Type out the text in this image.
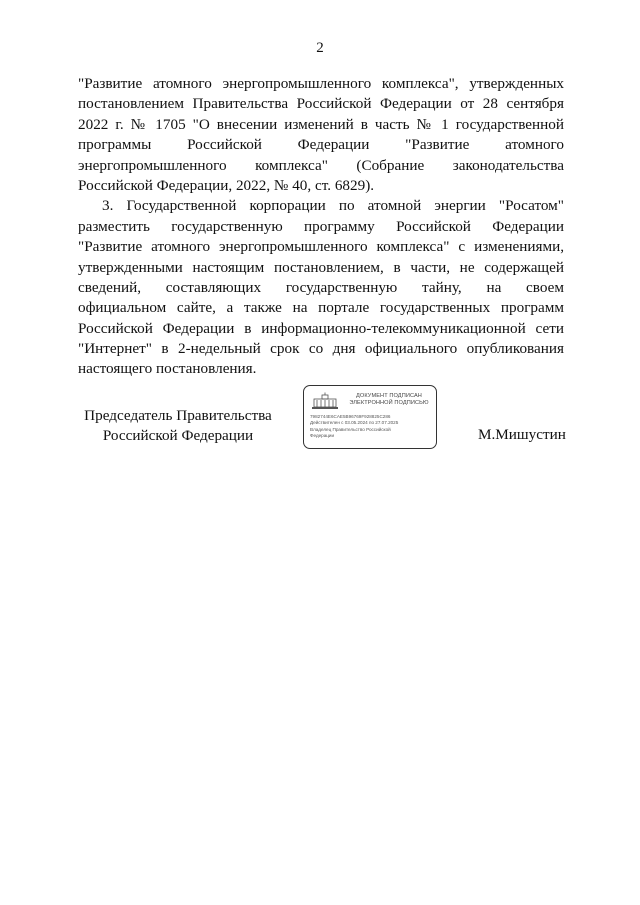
2

"Развитие атомного энергопромышленного комплекса", утвержденных
постановлением Правительства Российской Федерации от 28 сентября
2022 г. № 1705 "О внесении изменений в часть № 1 государственной
программы Российской Федерации "Развитие атомного
энергопромышленного комплекса" (Собрание законодательства
Российской Федерации, 2022, № 40, ст. 6829).

3. Государственной корпорации по атомной энергии "Росатом"
разместить государственную программу Российской Федерации
"Развитие атомного энергопромышленного комплекса" с изменениями,
утвержденными настоящим постановлением, в части, не содержащей
сведений, составляющих государственную тайну, на своем
официальном сайте, а также на портале государственных программ
Российской Федерации в информационно-телекоммуникационной сети
"Интернет" в 2-недельный срок со дня официального опубликования
настоящего постановления.

Председатель Правительства
Российской Федерации
ДОКУМЕНТ ПОДПИСАН
ЭЛЕКТРОННОЙ ПОДПИСЬЮ
7982744E6CAE5B96769F928825C286
Действителен с 03.05.2024 по 27.07.2025
Владелец Правительство Российской
Федерации	М.Мишустин
